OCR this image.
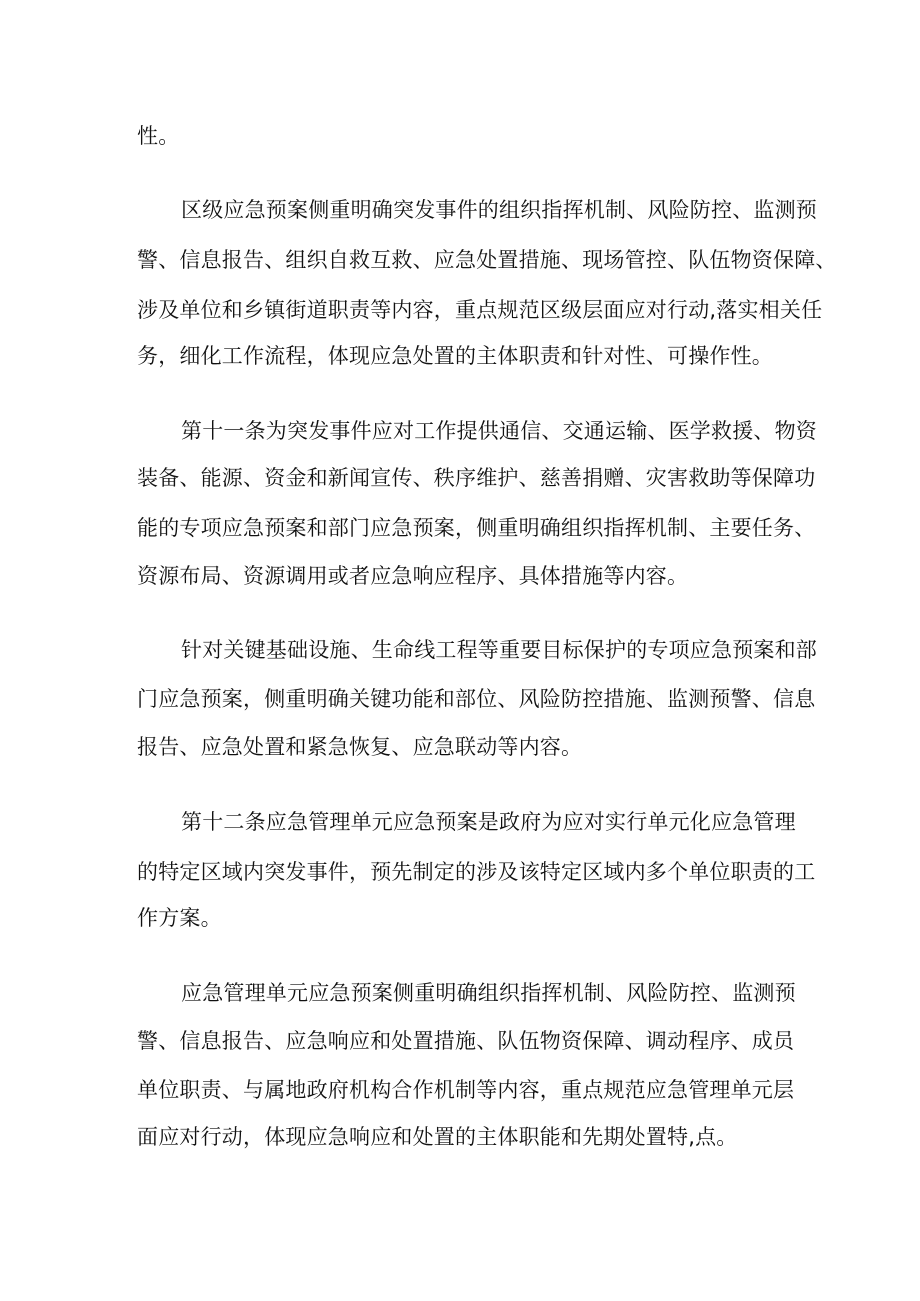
性。
区级应急预案侧重明确突发事件的组织指挥机制、风险防控、监测预
警、信息报告、组织自救互救、应急处置措施、现场管控、队伍物资保障、
涉及单位和乡镇街道职责等内容，重点规范区级层面应对行动,落实相关任
务，细化工作流程，体现应急处置的主体职责和针对性、可操作性。
第十一条为突发事件应对工作提供通信、交通运输、医学救援、物资
装备、能源、资金和新闻宣传、秩序维护、慈善捐赠、灾害救助等保障功
能的专项应急预案和部门应急预案，侧重明确组织指挥机制、主要任务、
资源布局、资源调用或者应急响应程序、具体措施等内容。
针对关键基础设施、生命线工程等重要目标保护的专项应急预案和部
门应急预案，侧重明确关键功能和部位、风险防控措施、监测预警、信息
报告、应急处置和紧急恢复、应急联动等内容。
第十二条应急管理单元应急预案是政府为应对实行单元化应急管理
的特定区域内突发事件，预先制定的涉及该特定区域内多个单位职责的工
作方案。
应急管理单元应急预案侧重明确组织指挥机制、风险防控、监测预
警、信息报告、应急响应和处置措施、队伍物资保障、调动程序、成员
单位职责、与属地政府机构合作机制等内容，重点规范应急管理单元层
面应对行动，体现应急响应和处置的主体职能和先期处置特,点。
